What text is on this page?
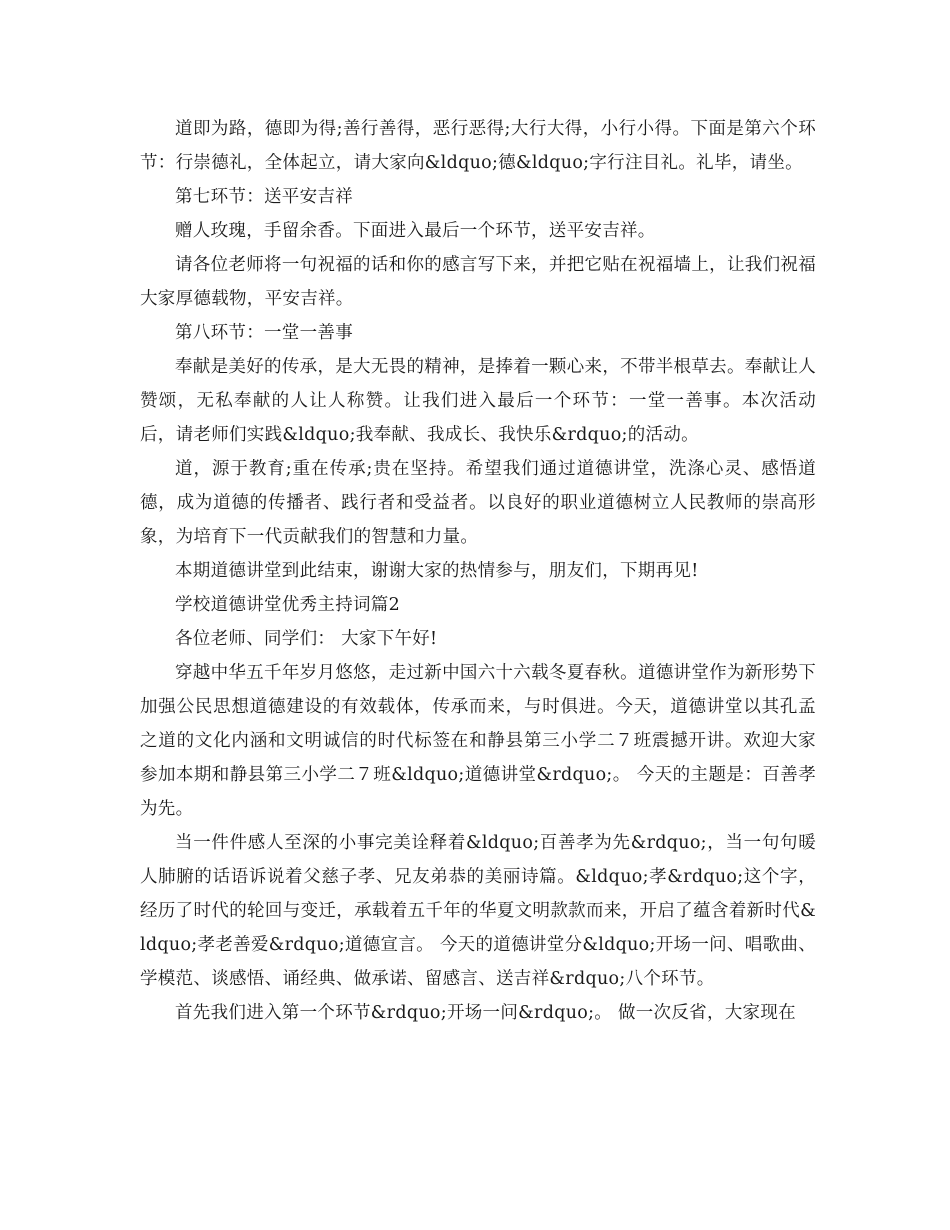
道即为路，德即为得;善行善得，恶行恶得;大行大得，小行小得。下面是第六个环节：行崇德礼，全体起立，请大家向&ldquo;德&ldquo;字行注目礼。礼毕，请坐。

第七环节：送平安吉祥

赠人玫瑰，手留余香。下面进入最后一个环节，送平安吉祥。

请各位老师将一句祝福的话和你的感言写下来，并把它贴在祝福墙上，让我们祝福大家厚德载物，平安吉祥。

第八环节：一堂一善事

奉献是美好的传承，是大无畏的精神，是捧着一颗心来，不带半根草去。奉献让人赞颂，无私奉献的人让人称赞。让我们进入最后一个环节：一堂一善事。本次活动后，请老师们实践&ldquo;我奉献、我成长、我快乐&rdquo;的活动。

道，源于教育;重在传承;贵在坚持。希望我们通过道德讲堂，洗涤心灵、感悟道德，成为道德的传播者、践行者和受益者。以良好的职业道德树立人民教师的崇高形象，为培育下一代贡献我们的智慧和力量。

本期道德讲堂到此结束，谢谢大家的热情参与，朋友们，下期再见!

学校道德讲堂优秀主持词篇2

各位老师、同学们： 大家下午好!

穿越中华五千年岁月悠悠，走过新中国六十六载冬夏春秋。道德讲堂作为新形势下加强公民思想道德建设的有效载体，传承而来，与时俱进。今天，道德讲堂以其孔孟之道的文化内涵和文明诚信的时代标签在和静县第三小学二７班震撼开讲。欢迎大家参加本期和静县第三小学二７班&ldquo;道德讲堂&rdquo;。 今天的主题是：百善孝为先。

当一件件感人至深的小事完美诠释着&ldquo;百善孝为先&rdquo;，当一句句暖人肺腑的话语诉说着父慈子孝、兄友弟恭的美丽诗篇。&ldquo;孝&rdquo;这个字，经历了时代的轮回与变迁，承载着五千年的华夏文明款款而来，开启了蕴含着新时代&ldquo;孝老善爱&rdquo;道德宣言。 今天的道德讲堂分&ldquo;开场一问、唱歌曲、学模范、谈感悟、诵经典、做承诺、留感言、送吉祥&rdquo;八个环节。

首先我们进入第一个环节&rdquo;开场一问&rdquo;。 做一次反省，大家现在
